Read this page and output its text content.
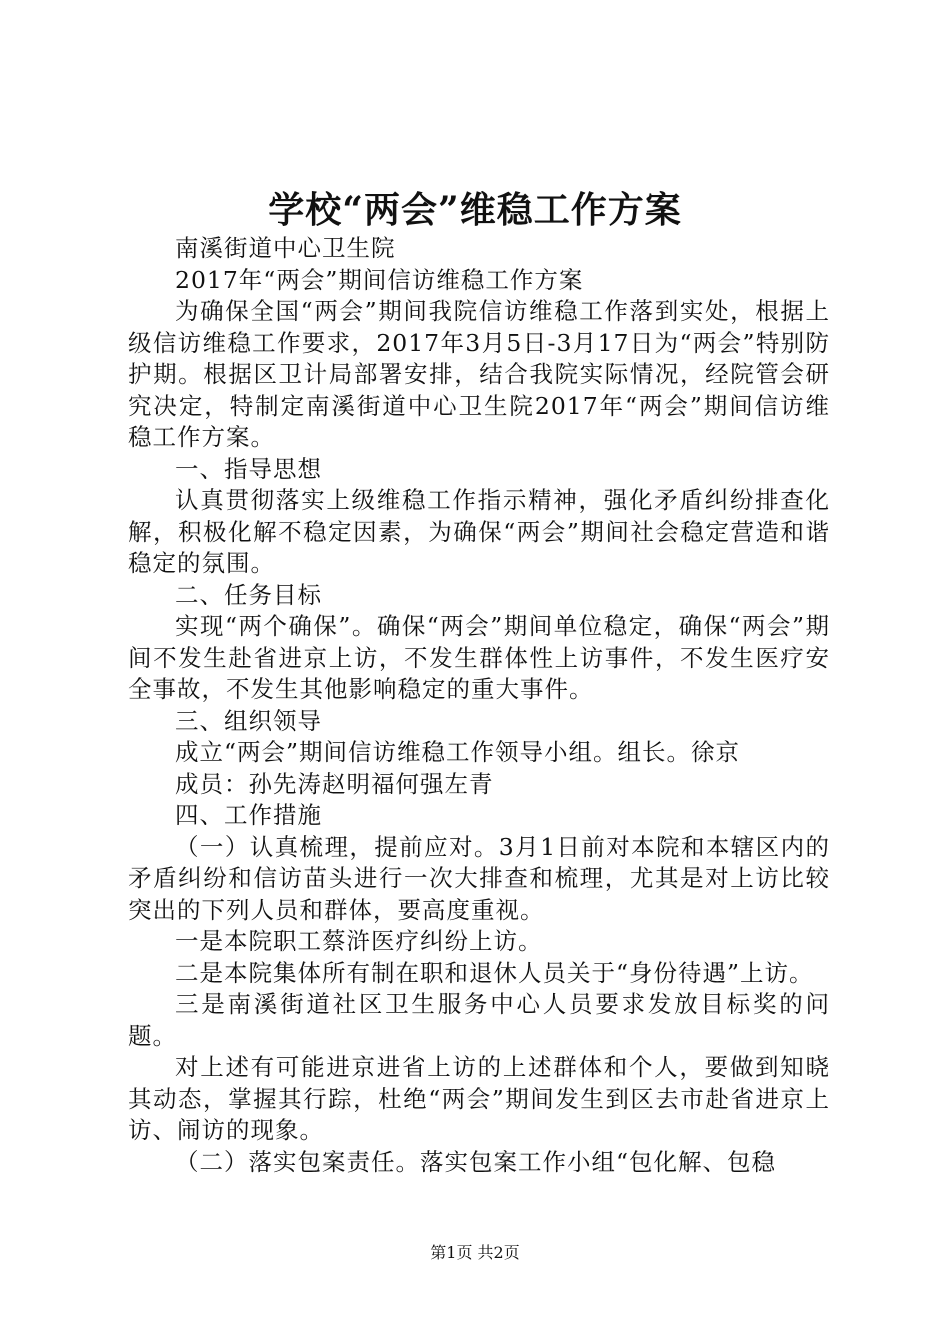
学校“两会”维稳工作方案

南溪街道中心卫生院

2017年“两会”期间信访维稳工作方案

为确保全国“两会”期间我院信访维稳工作落到实处，根据上级信访维稳工作要求，2017年3月5日-3月17日为“两会”特别防护期。根据区卫计局部署安排，结合我院实际情况，经院管会研究决定，特制定南溪街道中心卫生院2017年“两会”期间信访维稳工作方案。

一、指导思想

认真贯彻落实上级维稳工作指示精神，强化矛盾纠纷排查化解，积极化解不稳定因素，为确保“两会”期间社会稳定营造和谐稳定的氛围。

二、任务目标

实现“两个确保”。确保“两会”期间单位稳定，确保“两会”期间不发生赴省进京上访，不发生群体性上访事件，不发生医疗安全事故，不发生其他影响稳定的重大事件。

三、组织领导

成立“两会”期间信访维稳工作领导小组。组长。徐京

成员：孙先涛赵明福何强左青

四、工作措施

（一）认真梳理，提前应对。3月1日前对本院和本辖区内的矛盾纠纷和信访苗头进行一次大排查和梳理，尤其是对上访比较突出的下列人员和群体，要高度重视。

一是本院职工蔡浒医疗纠纷上访。

二是本院集体所有制在职和退休人员关于“身份待遇”上访。

三是南溪街道社区卫生服务中心人员要求发放目标奖的问题。

对上述有可能进京进省上访的上述群体和个人，要做到知晓其动态，掌握其行踪，杜绝“两会”期间发生到区去市赴省进京上访、闹访的现象。

（二）落实包案责任。落实包案工作小组“包化解、包稳

第1页 共2页
